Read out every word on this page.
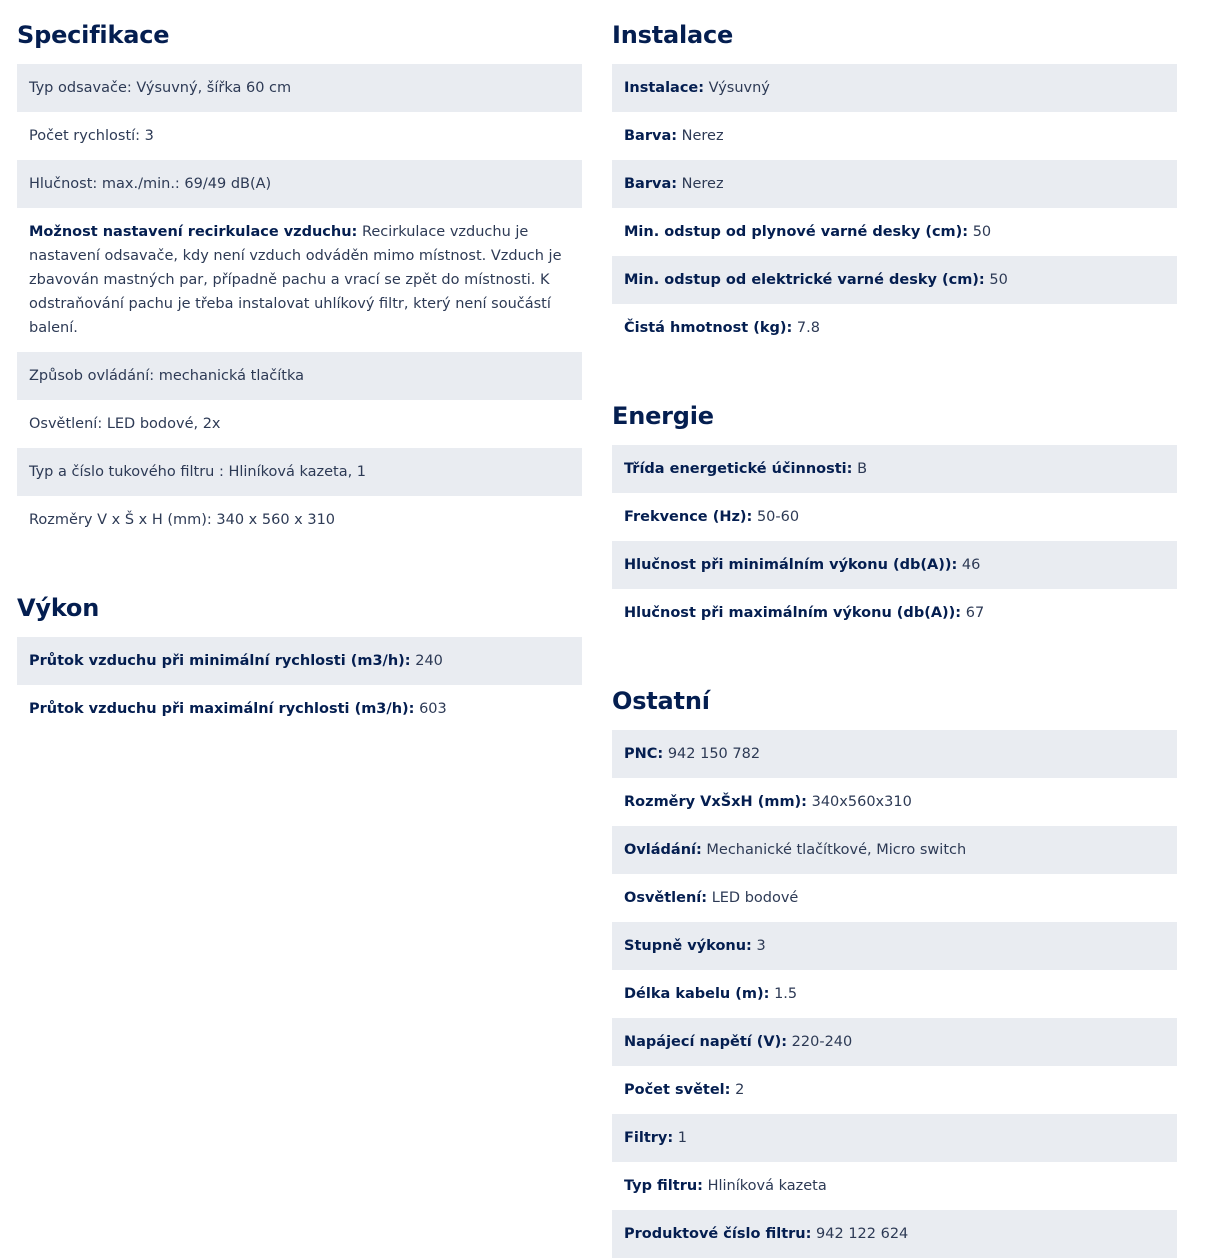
Specifikace
Typ odsavače: Výsuvný, šířka 60 cm
Počet rychlostí: 3
Hlučnost: max./min.: 69/49 dB(A)
Možnost nastavení recirkulace vzduchu: Recirkulace vzduchu je nastavení odsavače, kdy není vzduch odváděn mimo místnost. Vzduch je zbavován mastných par, případně pachu a vrací se zpět do místnosti. K odstraňování pachu je třeba instalovat uhlíkový filtr, který není součástí balení.
Způsob ovládání: mechanická tlačítka
Osvětlení: LED bodové, 2x
Typ a číslo tukového filtru : Hliníková kazeta, 1
Rozměry V x Š x H (mm): 340 x 560 x 310
Výkon
Průtok vzduchu při minimální rychlosti (m3/h): 240
Průtok vzduchu při maximální rychlosti (m3/h): 603
Instalace
Instalace: Výsuvný
Barva: Nerez
Barva: Nerez
Min. odstup od plynové varné desky (cm): 50
Min. odstup od elektrické varné desky (cm): 50
Čistá hmotnost (kg): 7.8
Energie
Třída energetické účinnosti: B
Frekvence (Hz): 50-60
Hlučnost při minimálním výkonu (db(A)): 46
Hlučnost při maximálním výkonu (db(A)): 67
Ostatní
PNC: 942 150 782
Rozměry VxŠxH (mm): 340x560x310
Ovládání: Mechanické tlačítkové, Micro switch
Osvětlení: LED bodové
Stupně výkonu: 3
Délka kabelu (m): 1.5
Napájecí napětí (V): 220-240
Počet světel: 2
Filtry: 1
Typ filtru: Hliníková kazeta
Produktové číslo filtru: 942 122 624
